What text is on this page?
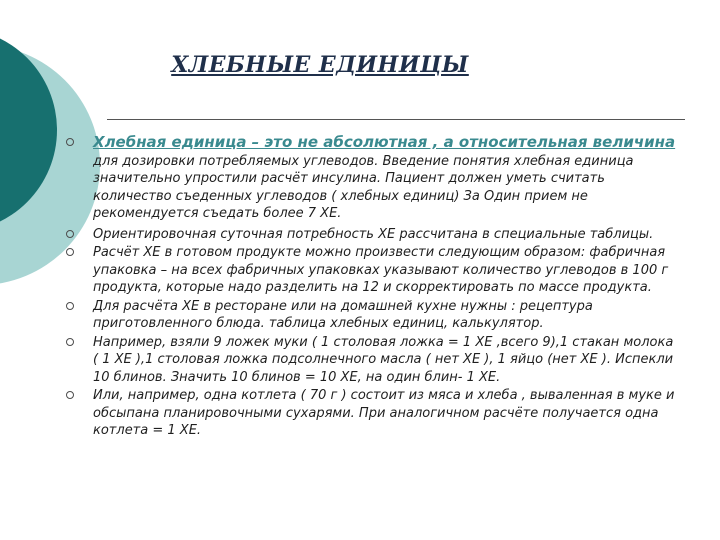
ХЛЕБНЫЕ ЕДИНИЦЫ
Хлебная единица – это не абсолютная , а относительная величина для дозировки потребляемых углеводов. Введение понятия хлебная единица значительно упростили расчёт инсулина. Пациент должен уметь считать количество съеденных углеводов ( хлебных единиц) За Один прием не рекомендуется съедать более 7 ХЕ.
Ориентировочная суточная потребность ХЕ рассчитана в специальные таблицы.
Расчёт ХЕ в готовом продукте можно произвести следующим образом: фабричная упаковка – на всех фабричных упаковках указывают количество углеводов в 100 г продукта, которые надо разделить на 12 и скорректировать по массе продукта.
Для расчёта ХЕ в ресторане или на домашней кухне нужны : рецептура приготовленного блюда. таблица хлебных единиц, калькулятор.
Например, взяли 9 ложек муки ( 1 столовая ложка = 1 ХЕ ,всего 9),1 стакан молока ( 1 ХЕ ),1 столовая ложка подсолнечного масла ( нет ХЕ ), 1 яйцо (нет ХЕ ). Испекли 10 блинов. Значить 10 блинов = 10 ХЕ, на один блин- 1 ХЕ.
Или, например, одна котлета ( 70 г ) состоит из мяса и хлеба , вываленная в муке и обсыпана планировочными сухарями. При аналогичном расчёте получается одна котлета = 1 ХЕ.
